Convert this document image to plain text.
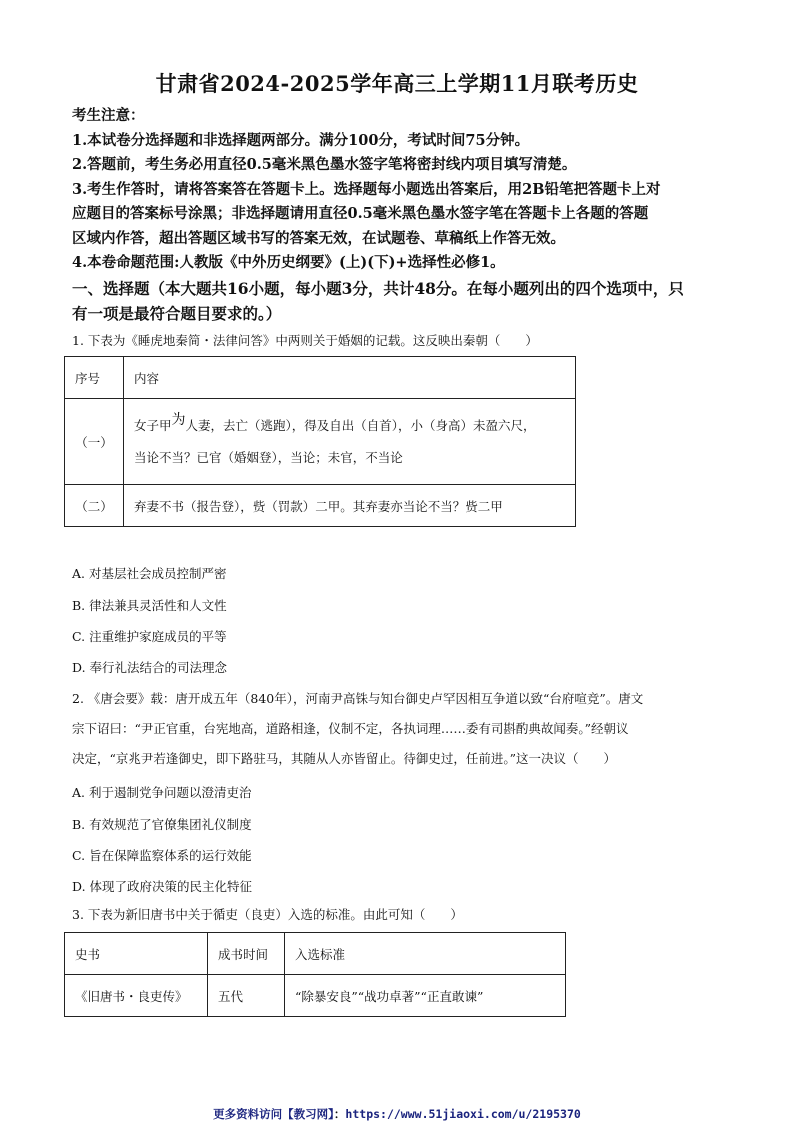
甘肃省2024-2025学年高三上学期11月联考历史
考生注意：
1.本试卷分选择题和非选择题两部分。满分100分，考试时间75分钟。
2.答题前，考生务必用直径0.5毫米黑色墨水签字笔将密封线内项目填写清楚。
3.考生作答时，请将答案答在答题卡上。选择题每小题选出答案后，用2B铅笔把答题卡上对
应题目的答案标号涂黑；非选择题请用直径0.5毫米黑色墨水签字笔在答题卡上各题的答题
区域内作答，超出答题区域书写的答案无效，在试题卷、草稿纸上作答无效。
4.本卷命题范围:人教版《中外历史纲要》(上)(下)+选择性必修1。
一、选择题（本大题共16小题，每小题3分，共计48分。在每小题列出的四个选项中，只
有一项是最符合题目要求的。）
1. 下表为《睡虎地秦简・法律问答》中两则关于婚姻的记载。这反映出秦朝（　　）
序号	内容
（一）	女子甲为人妻，去亡（逃跑），得及自出（自首），小（身高）未盈六尺，
当论不当？已官（婚姻登），当论；未官，不当论

（二）	弃妻不书（报告登），赀（罚款）二甲。其弃妻亦当论不当？赀二甲
A. 对基层社会成员控制严密
B. 律法兼具灵活性和人文性
C. 注重维护家庭成员的平等
D. 奉行礼法结合的司法理念
2. 《唐会要》载：唐开成五年（840年），河南尹高铢与知台御史卢罕因相互争道以致“台府喧竞”。唐文
宗下诏曰：“尹正官重，台宪地高，道路相逢，仪制不定，各执词理……委有司斟酌典故闻奏。”经朝议
决定，“京兆尹若逢御史，即下路驻马，其随从人亦皆留止。待御史过，任前进。”这一决议（　　）
A. 利于遏制党争问题以澄清吏治
B. 有效规范了官僚集团礼仪制度
C. 旨在保障监察体系的运行效能
D. 体现了政府决策的民主化特征
3. 下表为新旧唐书中关于循吏（良吏）入选的标准。由此可知（　　）
史书	成书时间	入选标准
《旧唐书・良吏传》	五代	“除暴安良”“战功卓著”“正直敢谏”
更多资料访问【教习网】：https://www.51jiaoxi.com/u/2195370
